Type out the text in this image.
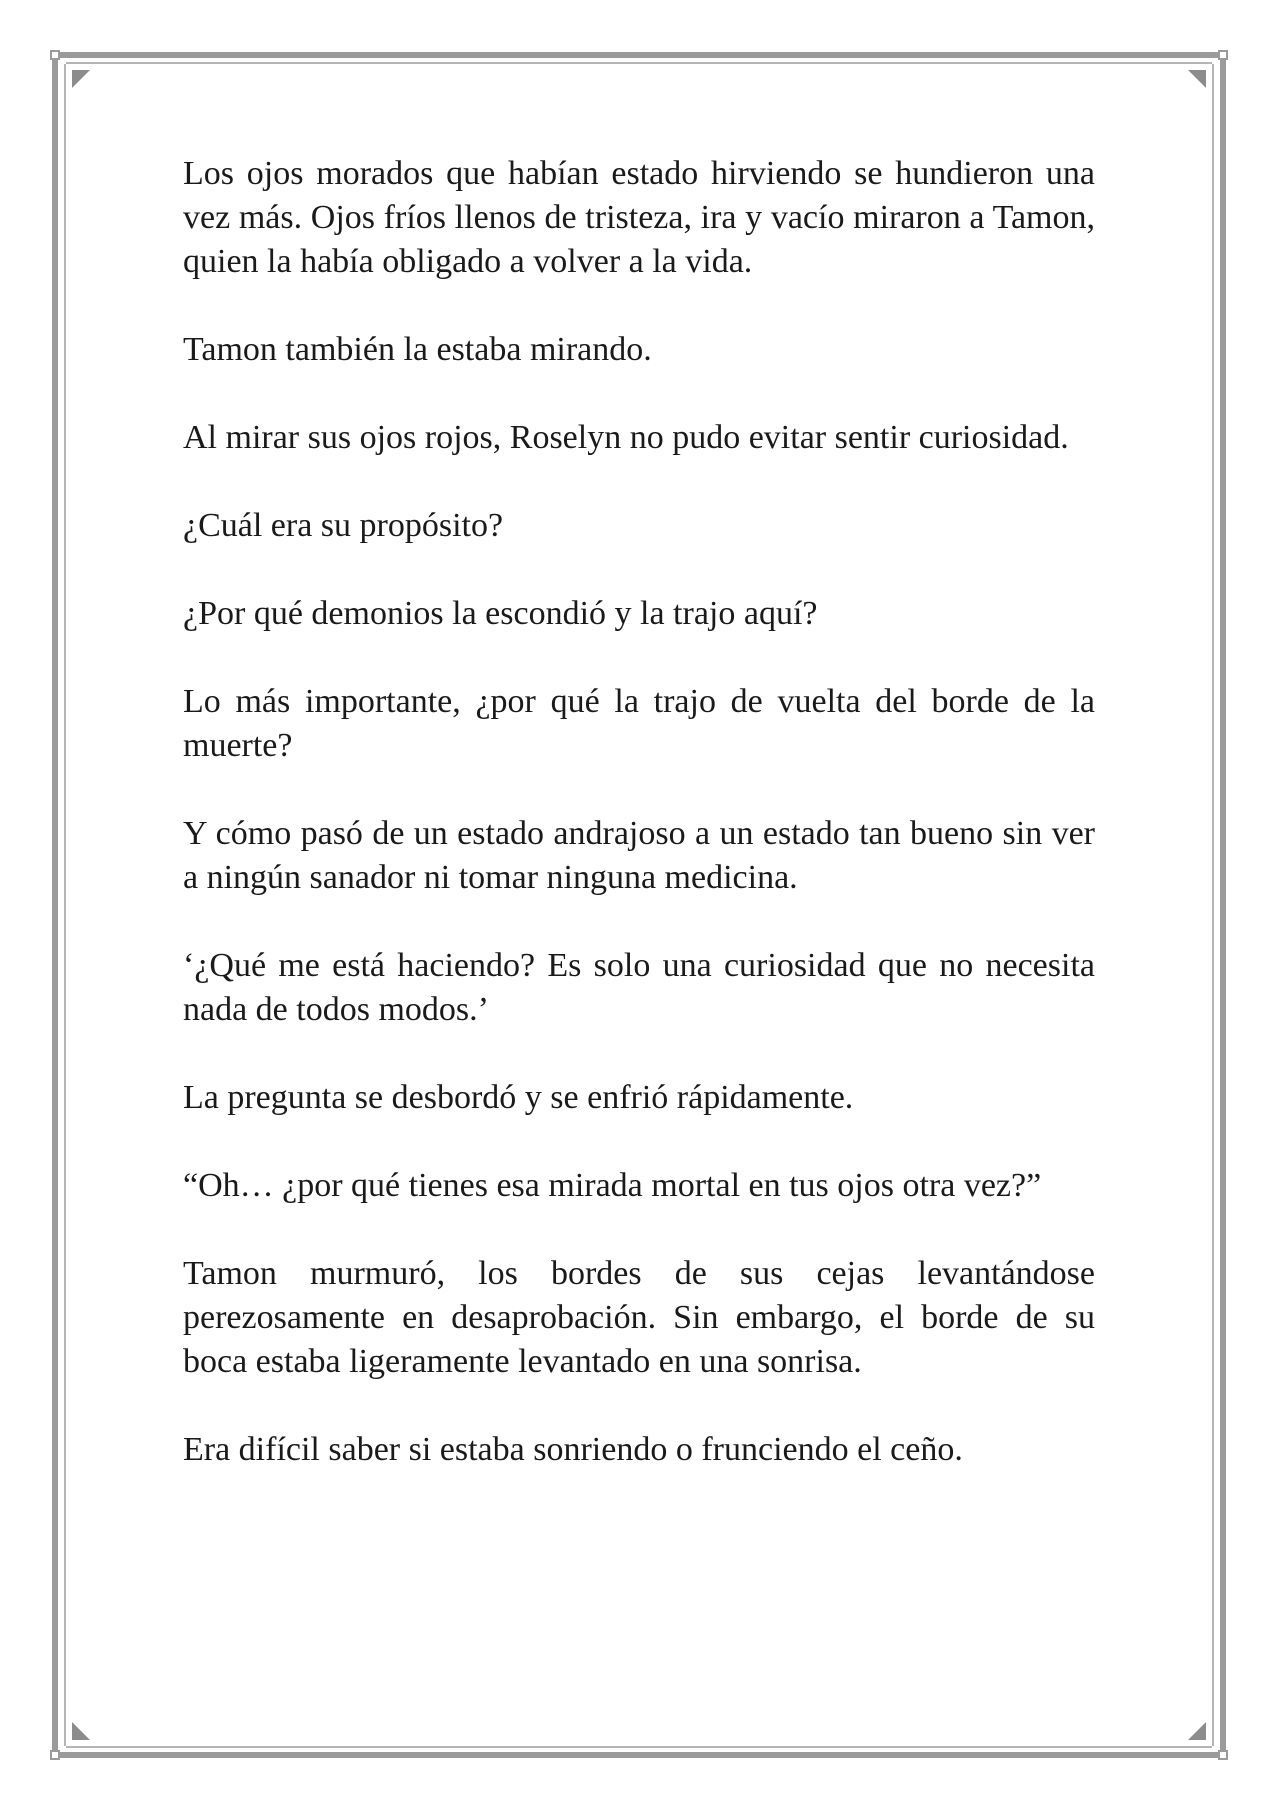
Los ojos morados que habían estado hirviendo se hundieron una vez más. Ojos fríos llenos de tristeza, ira y vacío miraron a Tamon, quien la había obligado a volver a la vida.

Tamon también la estaba mirando.

Al mirar sus ojos rojos, Roselyn no pudo evitar sentir curiosidad.

¿Cuál era su propósito?

¿Por qué demonios la escondió y la trajo aquí?

Lo más importante, ¿por qué la trajo de vuelta del borde de la muerte?

Y cómo pasó de un estado andrajoso a un estado tan bueno sin ver a ningún sanador ni tomar ninguna medicina.

‘¿Qué me está haciendo? Es solo una curiosidad que no necesita nada de todos modos.’

La pregunta se desbordó y se enfrió rápidamente.

“Oh… ¿por qué tienes esa mirada mortal en tus ojos otra vez?”

Tamon murmuró, los bordes de sus cejas levantándose perezosamente en desaprobación. Sin embargo, el borde de su boca estaba ligeramente levantado en una sonrisa.

Era difícil saber si estaba sonriendo o frunciendo el ceño.
